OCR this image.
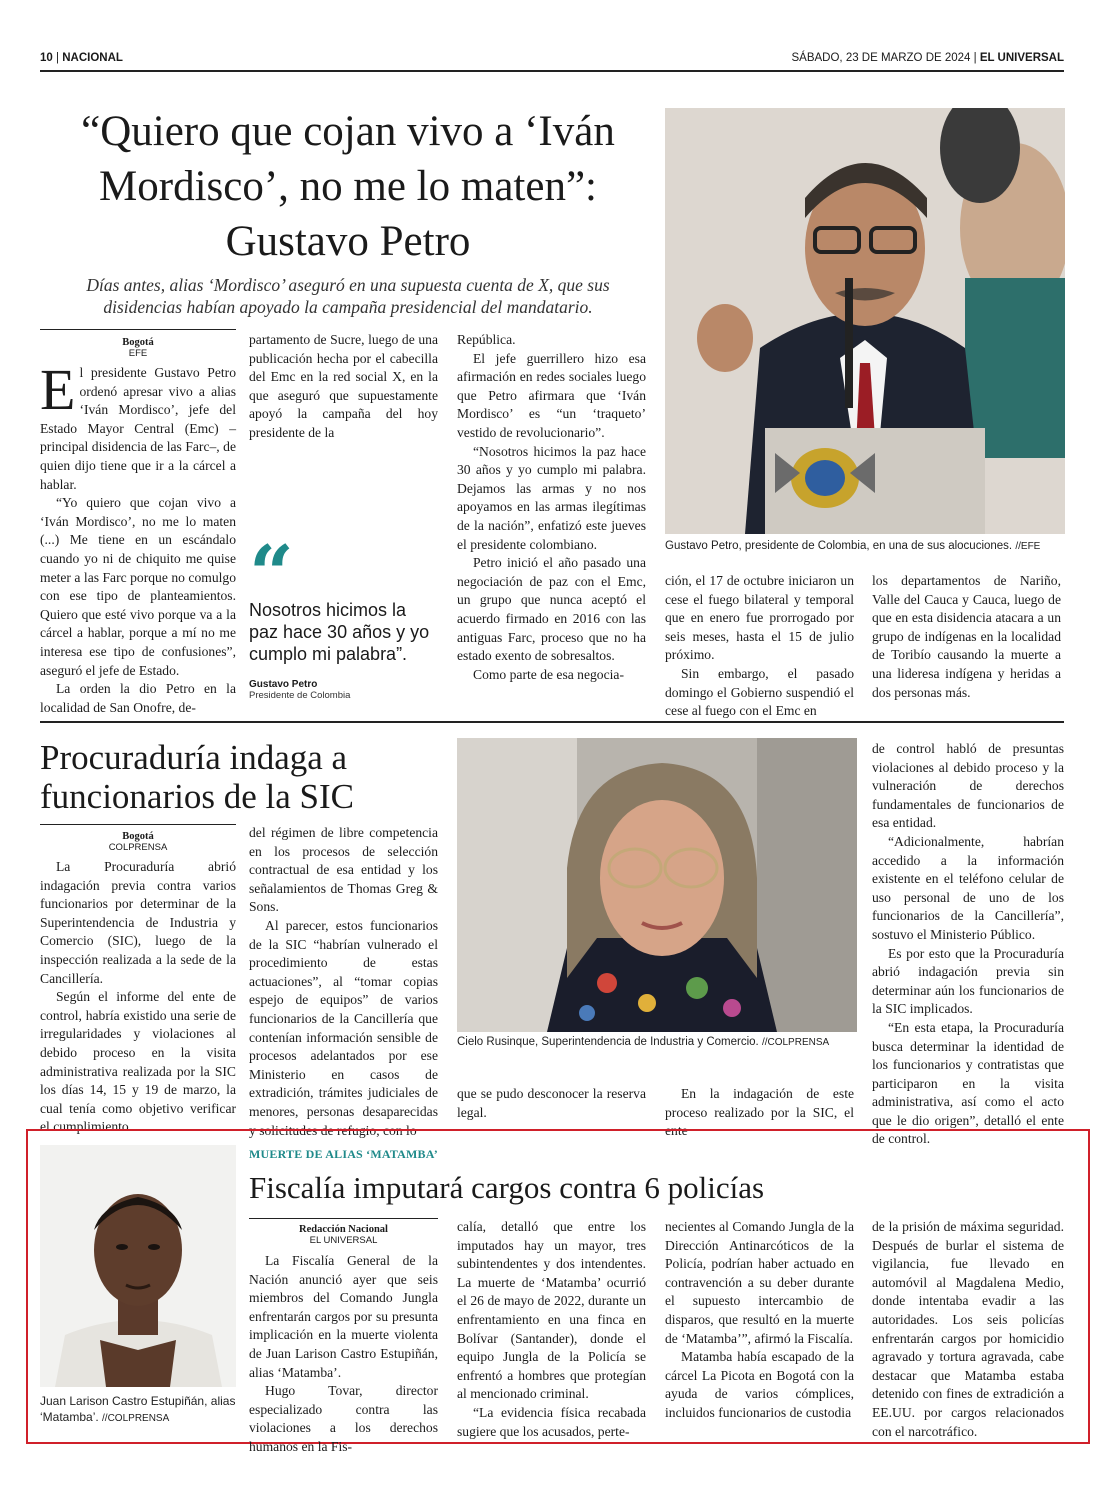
10 | NACIONAL	SÁBADO, 23 DE MARZO DE 2024 | EL UNIVERSAL
“Quiero que cojan vivo a ‘Iván Mordisco’, no me lo maten”: Gustavo Petro
Días antes, alias ‘Mordisco’ aseguró en una supuesta cuenta de X, que sus disidencias habían apoyado la campaña presidencial del mandatario.
Bogotá
EFE

E l presidente Gustavo Petro ordenó apresar vivo a alias ‘Iván Mordisco’, jefe del Estado Mayor Central (Emc) –principal disidencia de las Farc–, de quien dijo tiene que ir a la cárcel a hablar.

“Yo quiero que cojan vivo a ‘Iván Mordisco’, no me lo maten (...) Me tiene en un escándalo cuando yo ni de chiquito me quise meter a las Farc porque no comulgo con ese tipo de planteamientos. Quiero que esté vivo porque va a la cárcel a hablar, porque a mí no me interesa ese tipo de confusiones”, aseguró el jefe de Estado.

La orden la dio Petro en la localidad de San Onofre, de-

partamento de Sucre, luego de una publicación hecha por el cabecilla del Emc en la red social X, en la que aseguró que supuestamente apoyó la campaña del hoy presidente de la

“
Nosotros hicimos la paz hace 30 años y yo cumplo mi palabra”.
Gustavo Petro
Presidente de Colombia

República.

El jefe guerrillero hizo esa afirmación en redes sociales luego que Petro afirmara que ‘Iván Mordisco’ es “un ‘traqueto’ vestido de revolucionario”.

“Nosotros hicimos la paz hace 30 años y yo cumplo mi palabra. Dejamos las armas y no nos apoyamos en las armas ilegítimas de la nación”, enfatizó este jueves el presidente colombiano.

Petro inició el año pasado una negociación de paz con el Emc, un grupo que nunca aceptó el acuerdo firmado en 2016 con las antiguas Farc, proceso que no ha estado exento de sobresaltos.

Como parte de esa negocia-

Gustavo Petro, presidente de Colombia, en una de sus alocuciones. //EFE

ción, el 17 de octubre iniciaron un cese el fuego bilateral y temporal que en enero fue prorrogado por seis meses, hasta el 15 de julio próximo.

Sin embargo, el pasado domingo el Gobierno suspendió el cese al fuego con el Emc en

los departamentos de Nariño, Valle del Cauca y Cauca, luego de que en esta disidencia atacara a un grupo de indígenas en la localidad de Toribío causando la muerte a una lideresa indígena y heridas a dos personas más.

Procuraduría indaga a funcionarios de la SIC
Bogotá
COLPRENSA

La Procuraduría abrió indagación previa contra varios funcionarios por determinar de la Superintendencia de Industria y Comercio (SIC), luego de la inspección realizada a la sede de la Cancillería.

Según el informe del ente de control, habría existido una serie de irregularidades y violaciones al debido proceso en la visita administrativa realizada por la SIC los días 14, 15 y 19 de marzo, la cual tenía como objetivo verificar el cumplimiento

del régimen de libre competencia en los procesos de selección contractual de esa entidad y los señalamientos de Thomas Greg & Sons.

Al parecer, estos funcionarios de la SIC “habrían vulnerado el procedimiento de estas actuaciones”, al “tomar copias espejo de equipos” de varios funcionarios de la Cancillería que contenían información sensible de procesos adelantados por ese Ministerio en casos de extradición, trámites judiciales de menores, personas desaparecidas y solicitudes de refugio, con lo

Cielo Rusinque, Superintendencia de Industria y Comercio. //COLPRENSA

que se pudo desconocer la reserva legal.

En la indagación de este proceso realizado por la SIC, el ente

de control habló de presuntas violaciones al debido proceso y la vulneración de derechos fundamentales de funcionarios de esa entidad.

“Adicionalmente, habrían accedido a la información existente en el teléfono celular de uso personal de uno de los funcionarios de la Cancillería”, sostuvo el Ministerio Público.

Es por esto que la Procuraduría abrió indagación previa sin determinar aún los funcionarios de la SIC implicados.

“En esta etapa, la Procuraduría busca determinar la identidad de los funcionarios y contratistas que participaron en la visita administrativa, así como el acto que le dio origen”, detalló el ente de control.

Juan Larison Castro Estupiñán, alias ‘Matamba’. //COLPRENSA
MUERTE DE ALIAS ‘MATAMBA’
Fiscalía imputará cargos contra 6 policías
Redacción Nacional
EL UNIVERSAL

La Fiscalía General de la Nación anunció ayer que seis miembros del Comando Jungla enfrentarán cargos por su presunta implicación en la muerte violenta de Juan Larison Castro Estupiñán, alias ‘Matamba’.

Hugo Tovar, director especializado contra las violaciones a los derechos humanos en la Fis-

calía, detalló que entre los imputados hay un mayor, tres subintendentes y dos intendentes. La muerte de ‘Matamba’ ocurrió el 26 de mayo de 2022, durante un enfrentamiento en una finca en Bolívar (Santander), donde el equipo Jungla de la Policía se enfrentó a hombres que protegían al mencionado criminal.

“La evidencia física recabada sugiere que los acusados, perte-

necientes al Comando Jungla de la Dirección Antinarcóticos de la Policía, podrían haber actuado en contravención a su deber durante el supuesto intercambio de disparos, que resultó en la muerte de ‘Matamba’”, afirmó la Fiscalía.

Matamba había escapado de la cárcel La Picota en Bogotá con la ayuda de varios cómplices, incluidos funcionarios de custodia

de la prisión de máxima seguridad. Después de burlar el sistema de vigilancia, fue llevado en automóvil al Magdalena Medio, donde intentaba evadir a las autoridades. Los seis policías enfrentarán cargos por homicidio agravado y tortura agravada, cabe destacar que Matamba estaba detenido con fines de extradición a EE.UU. por cargos relacionados con el narcotráfico.
